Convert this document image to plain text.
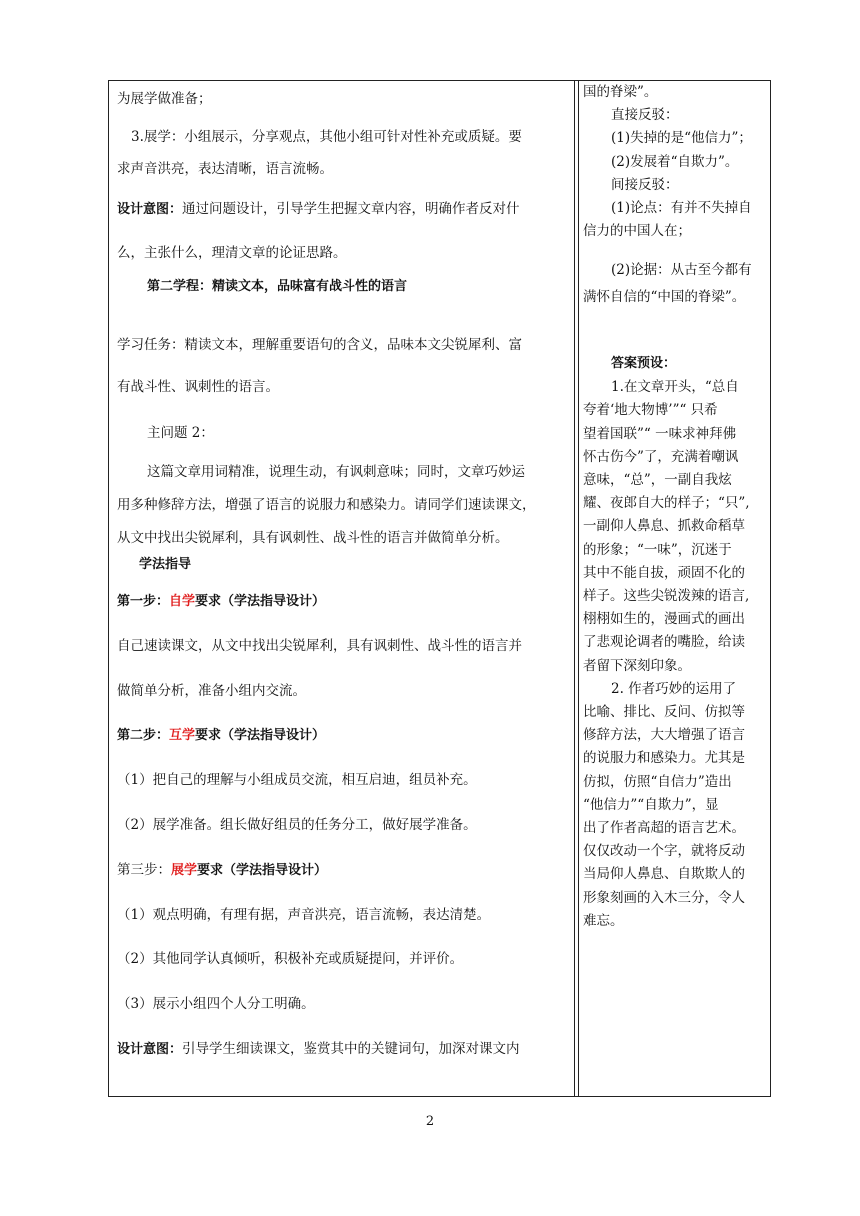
为展学做准备；
3.展学：小组展示，分享观点，其他小组可针对性补充或质疑。要
求声音洪亮，表达清晰，语言流畅。
设计意图：通过问题设计，引导学生把握文章内容，明确作者反对什
么，主张什么，理清文章的论证思路。
第二学程：精读文本，品味富有战斗性的语言
学习任务：精读文本，理解重要语句的含义，品味本文尖锐犀利、富
有战斗性、讽刺性的语言。
主问题 2：
这篇文章用词精准，说理生动，有讽刺意味；同时，文章巧妙运
用多种修辞方法，增强了语言的说服力和感染力。请同学们速读课文，
从文中找出尖锐犀利，具有讽刺性、战斗性的语言并做简单分析。
学法指导
第一步：自学要求（学法指导设计）
自己速读课文，从文中找出尖锐犀利，具有讽刺性、战斗性的语言并
做简单分析，准备小组内交流。
第二步：互学要求（学法指导设计）
（1）把自己的理解与小组成员交流，相互启迪，组员补充。
（2）展学准备。组长做好组员的任务分工，做好展学准备。
第三步：展学要求（学法指导设计）
（1）观点明确，有理有据，声音洪亮，语言流畅，表达清楚。
（2）其他同学认真倾听，积极补充或质疑提问，并评价。
（3）展示小组四个人分工明确。
设计意图：引导学生细读课文，鉴赏其中的关键词句，加深对课文内
国的脊梁”。
直接反驳：
(1)失掉的是“他信力”；
(2)发展着“自欺力”。
间接反驳：
(1)论点：有并不失掉自
信力的中国人在；
(2)论据：从古至今都有
满怀自信的“中国的脊梁”。
答案预设：
1.在文章开头，“总自
夸着‘地大物博’”“ 只希
望着国联”“ 一味求神拜佛
怀古伤今”了，充满着嘲讽
意味，“总”，一副自我炫
耀、夜郎自大的样子；“只”,
一副仰人鼻息、抓救命稻草
的形象；“一味”，沉迷于
其中不能自拔，顽固不化的
样子。这些尖锐泼辣的语言,
栩栩如生的，漫画式的画出
了悲观论调者的嘴脸，给读
者留下深刻印象。
2. 作者巧妙的运用了
比喻、排比、反问、仿拟等
修辞方法，大大增强了语言
的说服力和感染力。尤其是
仿拟，仿照“自信力”造出
“他信力”“自欺力”，显
出了作者高超的语言艺术。
仅仅改动一个字，就将反动
当局仰人鼻息、自欺欺人的
形象刻画的入木三分，令人
难忘。
2
